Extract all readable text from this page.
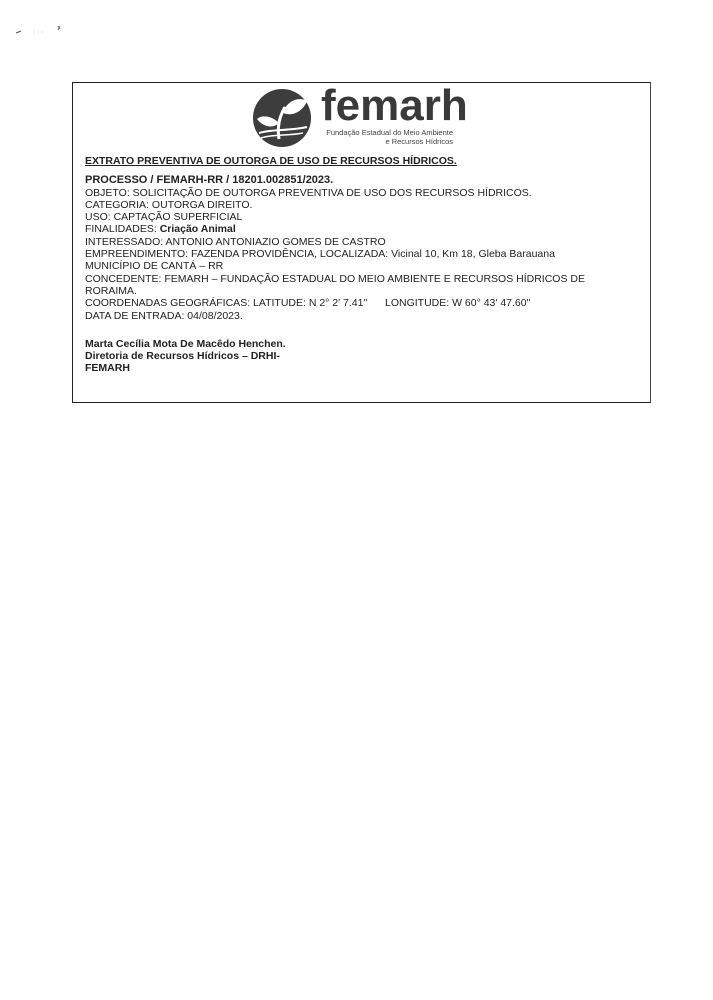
femarh
Fundação Estadual do Meio Ambiente
e Recursos Hídricos
EXTRATO PREVENTIVA DE OUTORGA DE USO DE RECURSOS HÍDRICOS.
PROCESSO / FEMARH-RR / 18201.002851/2023.
OBJETO: SOLICITAÇÃO DE OUTORGA PREVENTIVA DE USO DOS RECURSOS HÍDRICOS.
CATEGORIA: OUTORGA DIREITO.
USO: CAPTAÇÃO SUPERFICIAL
FINALIDADES: Criação Animal
INTERESSADO: ANTONIO ANTONIAZIO GOMES DE CASTRO
EMPREENDIMENTO: FAZENDA PROVIDÊNCIA, LOCALIZADA: Vicinal 10, Km 18, Gleba Barauana
MUNICÍPIO DE CANTÁ – RR
CONCEDENTE: FEMARH – FUNDAÇÃO ESTADUAL DO MEIO AMBIENTE E RECURSOS HÍDRICOS DE
RORAIMA.
COORDENADAS GEOGRÁFICAS: LATITUDE: N 2° 2' 7.41" LONGITUDE: W 60° 43' 47.60"
DATA DE ENTRADA: 04/08/2023.
Marta Cecília Mota De Macêdo Henchen.
Diretoria de Recursos Hídricos – DRHI-
FEMARH
